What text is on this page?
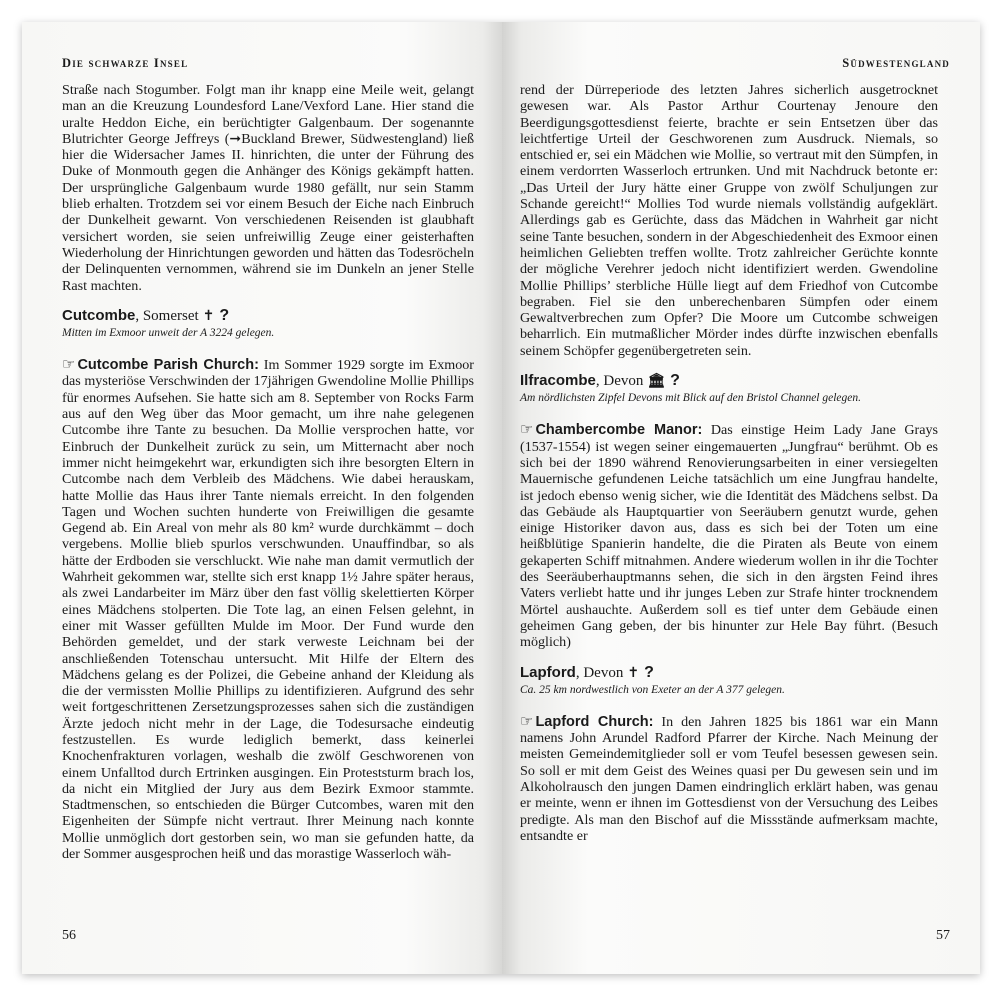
Die schwarze Insel

Straße nach Stogumber. Folgt man ihr knapp eine Meile weit, gelangt man an die Kreuzung Loundesford Lane/Vexford Lane. Hier stand die uralte Heddon Eiche, ein berüchtigter Galgenbaum. Der sogenannte Blutrichter George Jeffreys (➞Buckland Brewer, Südwestengland) ließ hier die Widersacher James II. hinrichten, die unter der Führung des Duke of Monmouth gegen die Anhänger des Königs gekämpft hatten. Der ursprüngliche Galgenbaum wurde 1980 gefällt, nur sein Stamm blieb erhalten. Trotzdem sei vor einem Besuch der Eiche nach Einbruch der Dunkelheit gewarnt. Von verschiedenen Reisenden ist glaubhaft versichert worden, sie seien unfreiwillig Zeuge einer geisterhaften Wiederholung der Hinrichtungen geworden und hätten das Todesröcheln der Delinquenten vernommen, während sie im Dunkeln an jener Stelle Rast machten.

Cutcombe, Somerset ✝ ?
Mitten im Exmoor unweit der A 3224 gelegen.

☞ Cutcombe Parish Church: Im Sommer 1929 sorgte im Exmoor das mysteriöse Verschwinden der 17jährigen Gwendoline Mollie Phillips für enormes Aufsehen. Sie hatte sich am 8. September von Rocks Farm aus auf den Weg über das Moor gemacht, um ihre nahe gelegenen Cutcombe ihre Tante zu besuchen. Da Mollie versprochen hatte, vor Einbruch der Dunkelheit zurück zu sein, um Mitternacht aber noch immer nicht heimgekehrt war, erkundigten sich ihre besorgten Eltern in Cutcombe nach dem Verbleib des Mädchens. Wie dabei herauskam, hatte Mollie das Haus ihrer Tante niemals erreicht. In den folgenden Tagen und Wochen suchten hunderte von Freiwilligen die gesamte Gegend ab. Ein Areal von mehr als 80 km² wurde durchkämmt – doch vergebens. Mollie blieb spurlos verschwunden. Unauffindbar, so als hätte der Erdboden sie verschluckt. Wie nahe man damit vermutlich der Wahrheit gekommen war, stellte sich erst knapp 1½ Jahre später heraus, als zwei Landarbeiter im März über den fast völlig skelettierten Körper eines Mädchens stolperten. Die Tote lag, an einen Felsen gelehnt, in einer mit Wasser gefüllten Mulde im Moor. Der Fund wurde den Behörden gemeldet, und der stark verweste Leichnam bei der anschließenden Totenschau untersucht. Mit Hilfe der Eltern des Mädchens gelang es der Polizei, die Gebeine anhand der Kleidung als die der vermissten Mollie Phillips zu identifizieren. Aufgrund des sehr weit fortgeschrittenen Zersetzungsprozesses sahen sich die zuständigen Ärzte jedoch nicht mehr in der Lage, die Todesursache eindeutig festzustellen. Es wurde lediglich bemerkt, dass keinerlei Knochenfrakturen vorlagen, weshalb die zwölf Geschworenen von einem Unfalltod durch Ertrinken ausgingen. Ein Proteststurm brach los, da nicht ein Mitglied der Jury aus dem Bezirk Exmoor stammte. Stadtmenschen, so entschieden die Bürger Cutcombes, waren mit den Eigenheiten der Sümpfe nicht vertraut. Ihrer Meinung nach konnte Mollie unmöglich dort gestorben sein, wo man sie gefunden hatte, da der Sommer ausgesprochen heiß und das morastige Wasserloch wäh-

56
Südwestengland

rend der Dürreperiode des letzten Jahres sicherlich ausgetrocknet gewesen war. Als Pastor Arthur Courtenay Jenoure den Beerdigungsgottesdienst feierte, brachte er sein Entsetzen über das leichtfertige Urteil der Geschworenen zum Ausdruck. Niemals, so entschied er, sei ein Mädchen wie Mollie, so vertraut mit den Sümpfen, in einem verdorrten Wasserloch ertrunken. Und mit Nachdruck betonte er: „Das Urteil der Jury hätte einer Gruppe von zwölf Schuljungen zur Schande gereicht!“ Mollies Tod wurde niemals vollständig aufgeklärt. Allerdings gab es Gerüchte, dass das Mädchen in Wahrheit gar nicht seine Tante besuchen, sondern in der Abgeschiedenheit des Exmoor einen heimlichen Geliebten treffen wollte. Trotz zahlreicher Gerüchte konnte der mögliche Verehrer jedoch nicht identifiziert werden. Gwendoline Mollie Phillips’ sterbliche Hülle liegt auf dem Friedhof von Cutcombe begraben. Fiel sie den unberechenbaren Sümpfen oder einem Gewaltverbrechen zum Opfer? Die Moore um Cutcombe schweigen beharrlich. Ein mutmaßlicher Mörder indes dürfte inzwischen ebenfalls seinem Schöpfer gegenübergetreten sein.

Ilfracombe, Devon 🏛 ?
Am nördlichsten Zipfel Devons mit Blick auf den Bristol Channel gelegen.

☞ Chambercombe Manor: Das einstige Heim Lady Jane Grays (1537-1554) ist wegen seiner eingemauerten „Jungfrau“ berühmt. Ob es sich bei der 1890 während Renovierungsarbeiten in einer versiegelten Mauernische gefundenen Leiche tatsächlich um eine Jungfrau handelte, ist jedoch ebenso wenig sicher, wie die Identität des Mädchens selbst. Da das Gebäude als Hauptquartier von Seeräubern genutzt wurde, gehen einige Historiker davon aus, dass es sich bei der Toten um eine heißblütige Spanierin handelte, die die Piraten als Beute von einem gekaperten Schiff mitnahmen. Andere wiederum wollen in ihr die Tochter des Seeräuberhauptmanns sehen, die sich in den ärgsten Feind ihres Vaters verliebt hatte und ihr junges Leben zur Strafe hinter trocknendem Mörtel aushauchte. Außerdem soll es tief unter dem Gebäude einen geheimen Gang geben, der bis hinunter zur Hele Bay führt. (Besuch möglich)

Lapford, Devon ✝ ?
Ca. 25 km nordwestlich von Exeter an der A 377 gelegen.

☞ Lapford Church: In den Jahren 1825 bis 1861 war ein Mann namens John Arundel Radford Pfarrer der Kirche. Nach Meinung der meisten Gemeindemitglieder soll er vom Teufel besessen gewesen sein. So soll er mit dem Geist des Weines quasi per Du gewesen sein und im Alkoholrausch den jungen Damen eindringlich erklärt haben, was genau er meinte, wenn er ihnen im Gottesdienst von der Versuchung des Leibes predigte. Als man den Bischof auf die Missstände aufmerksam machte, entsandte er

57
